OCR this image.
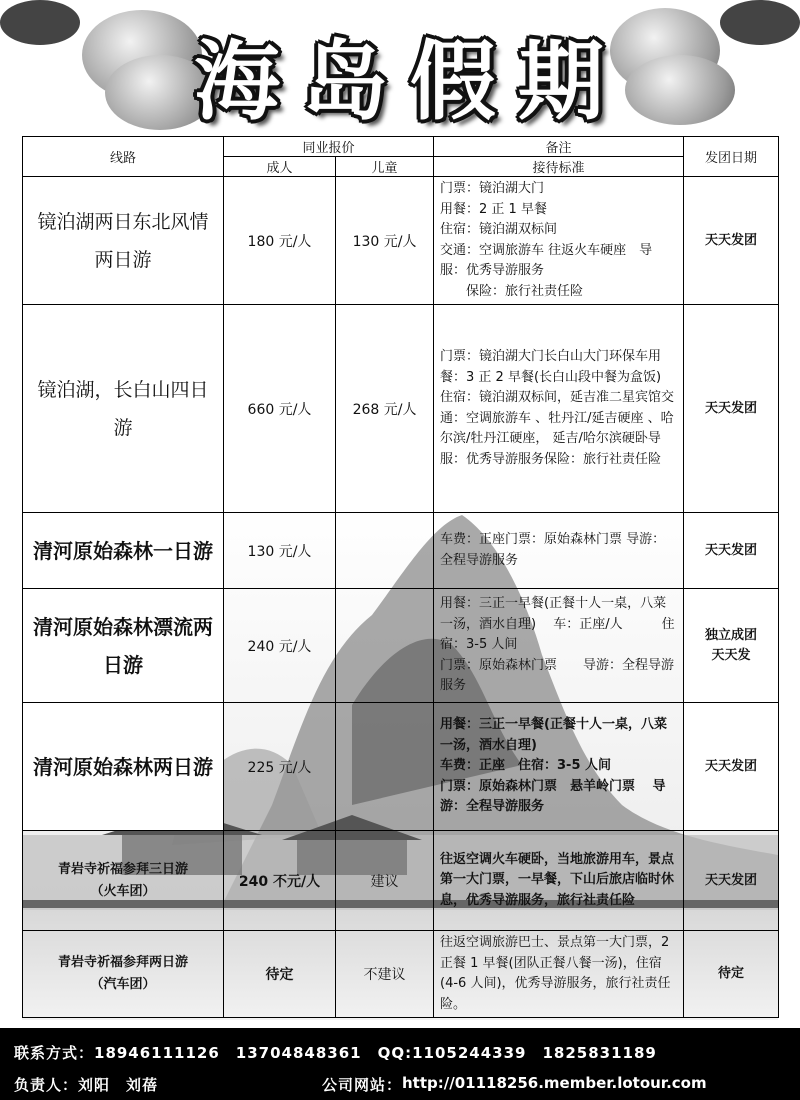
海岛假期
线路	同业报价		备注	发团日期
	成人	儿童	接待标准	
镜泊湖两日东北风情两日游	180 元/人	130 元/人	门票：镜泊湖大门
用餐：2 正 1 早餐
住宿：镜泊湖双标间
交通：空调旅游车 往返火车硬座　导服：优秀导游服务
　　保险：旅行社责任险	天天发团
镜泊湖，长白山四日游	660 元/人	268 元/人	门票：镜泊湖大门长白山大门环保车用餐：3 正 2 早餐(长白山段中餐为盒饭)
住宿：镜泊湖双标间，延吉准二星宾馆交通：空调旅游车 、牡丹江/延吉硬座 、哈尔滨/牡丹江硬座， 延吉/哈尔滨硬卧导服：优秀导游服务保险：旅行社责任险	天天发团
清河原始森林一日游	130 元/人		车费：正座门票：原始森林门票 导游：全程导游服务	天天发团
清河原始森林漂流两日游	240 元/人		用餐：三正一早餐(正餐十人一桌，八菜一汤，酒水自理)　 车：正座/人　　　住宿：3-5 人间
门票：原始森林门票　　导游：全程导游服务	独立成团
天天发
清河原始森林两日游	225 元/人		用餐：三正一早餐(正餐十人一桌，八菜一汤，酒水自理)
车费：正座　住宿：3-5 人间
门票：原始森林门票　悬羊岭门票　 导游：全程导游服务	天天发团
青岩寺祈福参拜三日游
（火车团）	240 不元/人	建议	往返空调火车硬卧，当地旅游用车，景点第一大门票，一早餐，下山后旅店临时休息，优秀导游服务，旅行社责任险	天天发团
青岩寺祈福参拜两日游
（汽车团）	待定	不建议	往返空调旅游巴士、景点第一大门票，2 正餐 1 早餐(团队正餐八餐一汤)，住宿(4-6 人间)，优秀导游服务，旅行社责任险。	待定
联系方式：18946111126　13704848361　QQ:1105244339　1825831189
负责人：刘阳　刘蓓	公司网站： http://01118256.member.lotour.com
